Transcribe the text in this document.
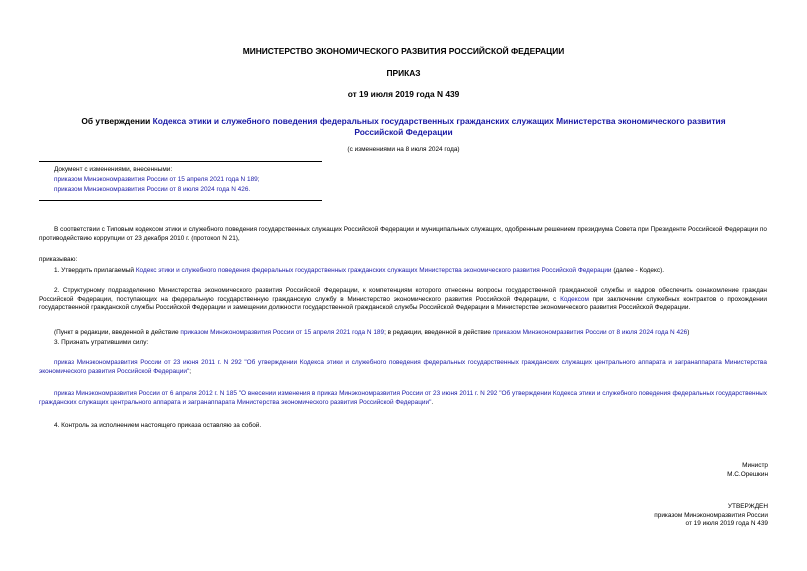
МИНИСТЕРСТВО ЭКОНОМИЧЕСКОГО РАЗВИТИЯ РОССИЙСКОЙ ФЕДЕРАЦИИ
ПРИКАЗ
от 19 июля 2019 года N 439
Об утверждении Кодекса этики и служебного поведения федеральных государственных гражданских служащих Министерства экономического развития
Российской Федерации
(с изменениями на 8 июля 2024 года)
Документ с изменениями, внесенными:
приказом Минэкономразвития России от 15 апреля 2021 года N 189;
приказом Минэкономразвития России от 8 июля 2024 года N 426.
В соответствии с Типовым кодексом этики и служебного поведения государственных служащих Российской Федерации и муниципальных служащих, одобренным решением президиума Совета при Президенте Российской Федерации по противодействию коррупции от 23 декабря 2010 г. (протокол N 21),
приказываю:
1. Утвердить прилагаемый Кодекс этики и служебного поведения федеральных государственных гражданских служащих Министерства экономического развития Российской Федерации (далее - Кодекс).
2. Структурному подразделению Министерства экономического развития Российской Федерации, к компетенциям которого отнесены вопросы государственной гражданской службы и кадров обеспечить ознакомление граждан Российской Федерации, поступающих на федеральную государственную гражданскую службу в Министерство экономического развития Российской Федерации, с Кодексом при заключении служебных контрактов о прохождении государственной гражданской службы Российской Федерации и замещении должности государственной гражданской службы Российской Федерации в Министерстве экономического развития Российской Федерации.
(Пункт в редакции, введенной в действие приказом Минэкономразвития России от 15 апреля 2021 года N 189; в редакции, введенной в действие приказом Минэкономразвития России от 8 июля 2024 года N 426)
3. Признать утратившими силу:
приказ Минэкономразвития России от 23 июня 2011 г. N 292 "Об утверждении Кодекса этики и служебного поведения федеральных государственных гражданских служащих центрального аппарата и загранаппарата Министерства экономического развития Российской Федерации";
приказ Минэкономразвития России от 6 апреля 2012 г. N 185 "О внесении изменения в приказ Минэкономразвития России от 23 июня 2011 г. N 292 "Об утверждении Кодекса этики и служебного поведения федеральных государственных гражданских служащих центрального аппарата и загранаппарата Министерства экономического развития Российской Федерации".
4. Контроль за исполнением настоящего приказа оставляю за собой.
Министр
М.С.Орешкин
УТВЕРЖДЕН
приказом Минэкономразвития России
от 19 июля 2019 года N 439
